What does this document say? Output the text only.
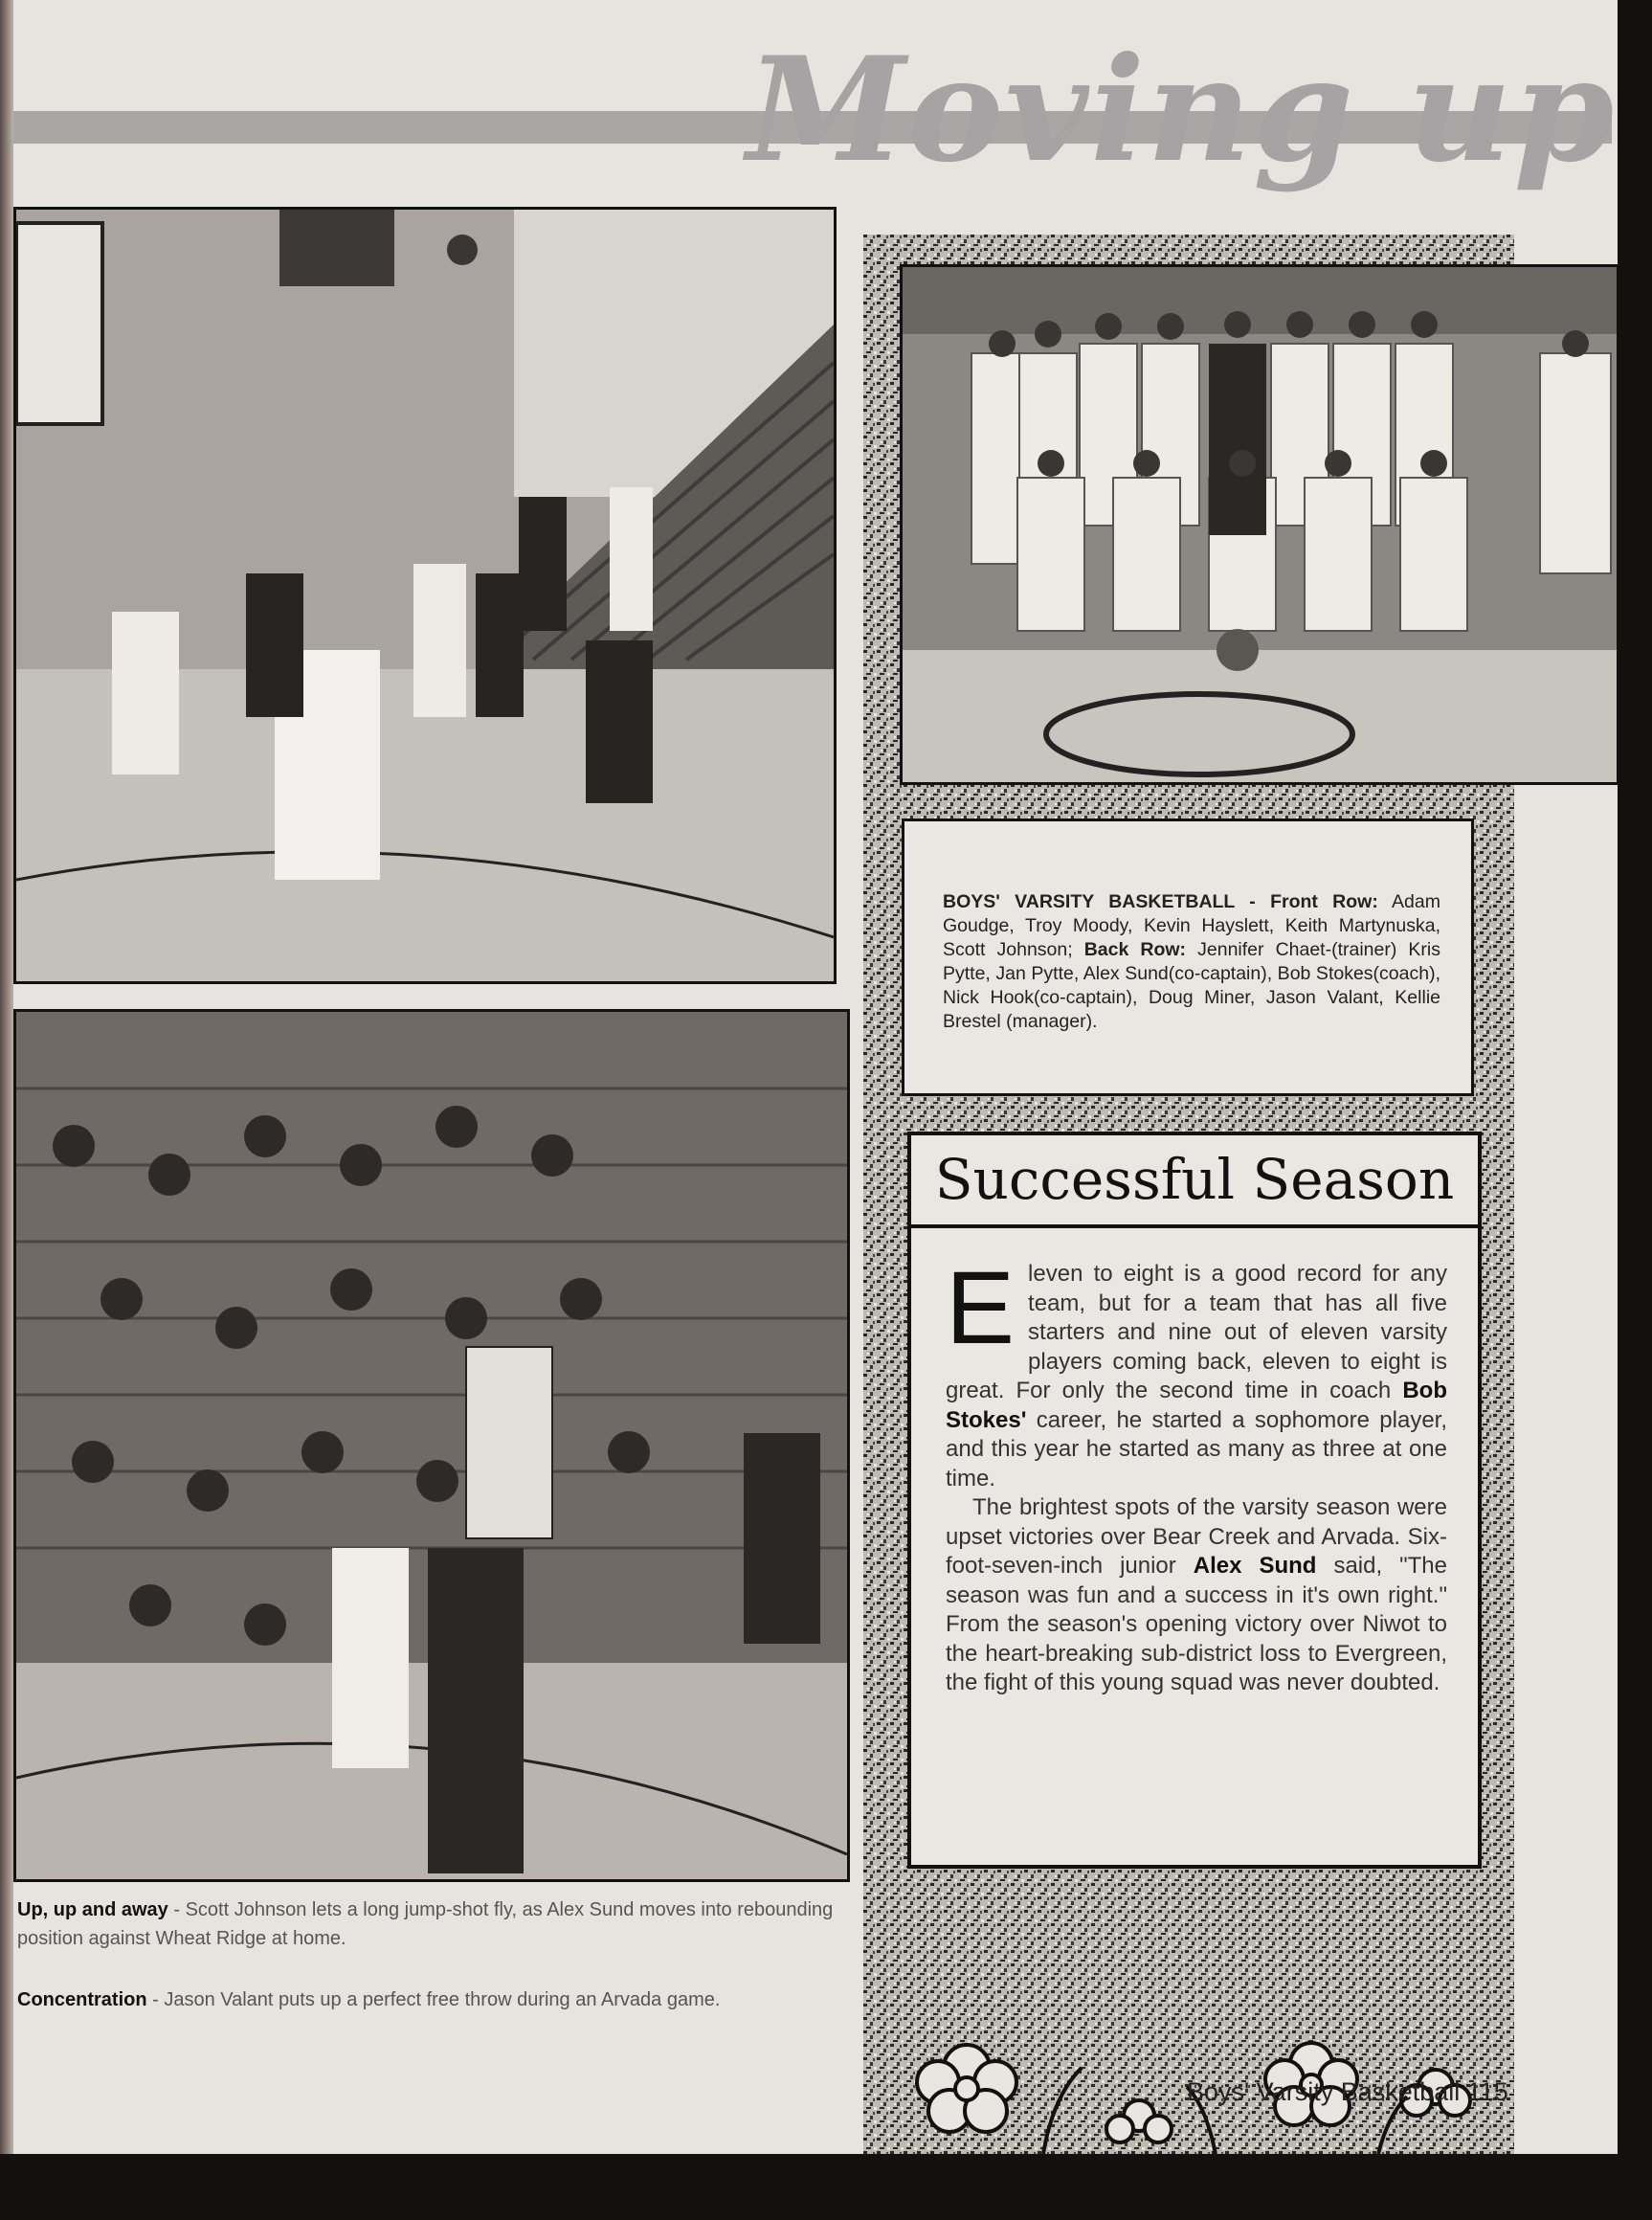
Moving up
BOYS' VARSITY BASKETBALL - Front Row: Adam Goudge, Troy Moody, Kevin Hayslett, Keith Martynuska, Scott Johnson; Back Row: Jennifer Chaet-(trainer) Kris Pytte, Jan Pytte, Alex Sund(co-captain), Bob Stokes(coach), Nick Hook(co-captain), Doug Miner, Jason Valant, Kellie Brestel (manager).
Successful Season

Eleven to eight is a good record for any team, but for a team that has all five starters and nine out of eleven varsity players coming back, eleven to eight is great. For only the second time in coach Bob Stokes' career, he started a sophomore player, and this year he started as many as three at one time.

The brightest spots of the varsity season were upset victories over Bear Creek and Arvada. Six-foot-seven-inch junior Alex Sund said, "The season was fun and a success in it's own right." From the season's opening victory over Niwot to the heart-breaking sub-district loss to Evergreen, the fight of this young squad was never doubted.

Boys' Varsity Basketball 115
Up, up and away - Scott Johnson lets a long jump-shot fly, as Alex Sund moves into rebounding position against Wheat Ridge at home.
Concentration - Jason Valant puts up a perfect free throw during an Arvada game.
